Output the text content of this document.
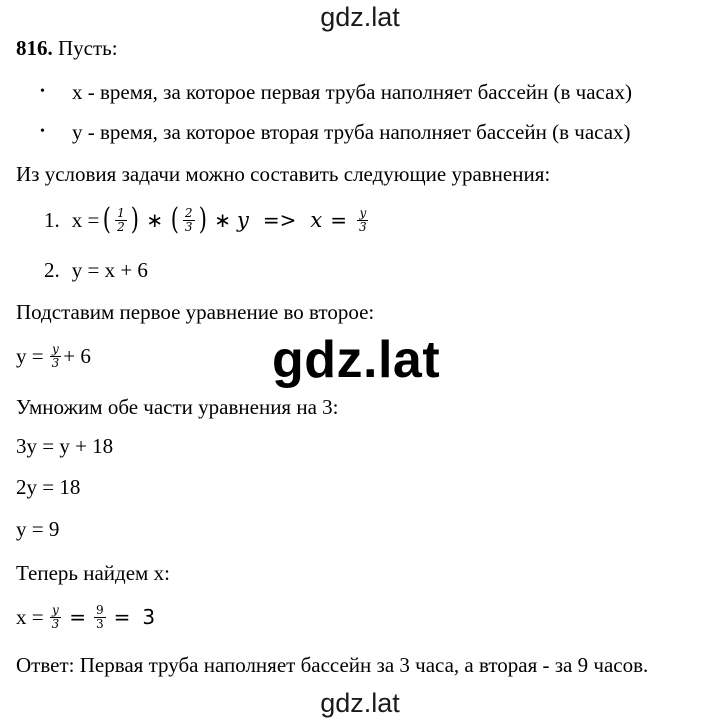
gdz.lat
gdz.lat
gdz.lat
816. Пусть:
• x - время, за которое первая труба наполняет бассейн (в часах)
• y - время, за которое вторая труба наполняет бассейн (в часах)
Из условия задачи можно составить следующие уравнения:
1. x = ( $\frac{1}{2}$ ) ∗ ( $\frac{2}{3}$ ) ∗ $y => x = \frac{y}{3}$
2. y = x + 6
Подставим первое уравнение во второе:
$y = \frac{y}{3} + 6$
Умножим обе части уравнения на 3:
3y = y + 18
2y = 18
y = 9
Теперь найдем x:
$x = \frac{y}{3} = \frac{9}{3} = 3$
Ответ: Первая труба наполняет бассейн за 3 часа, а вторая - за 9 часов.
